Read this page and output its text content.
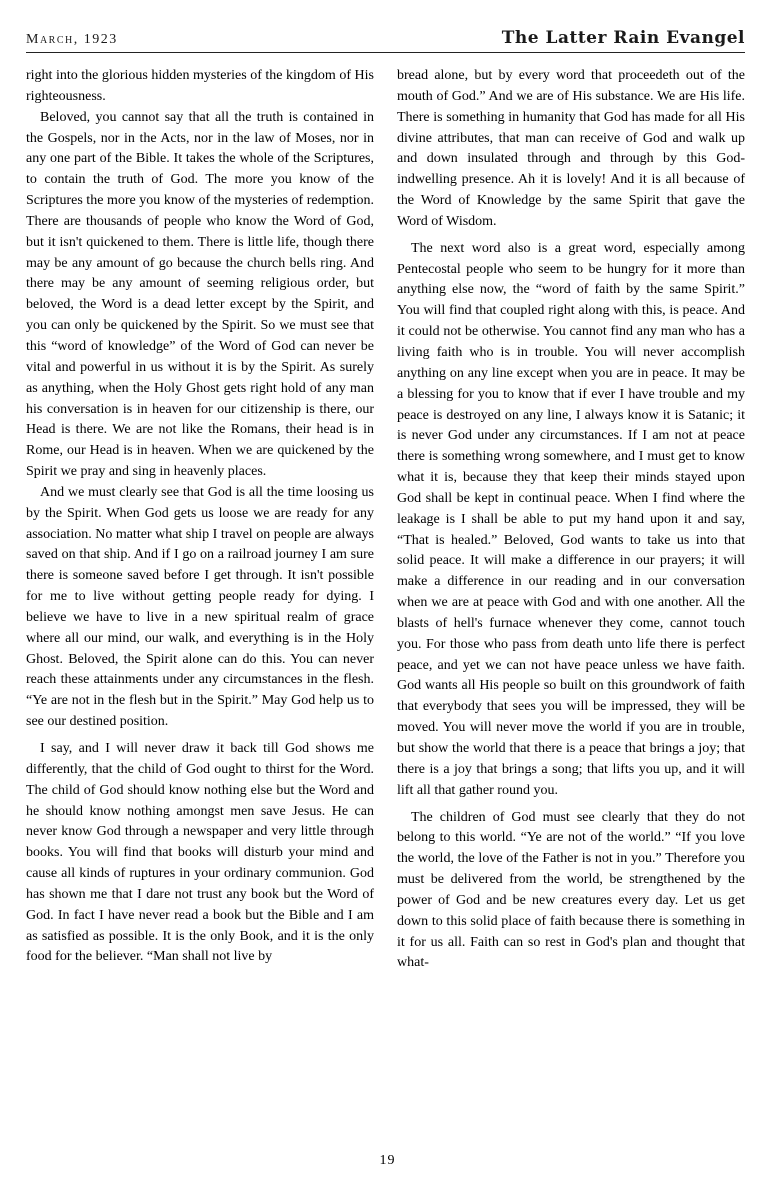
March, 1923	The Latter Rain Evangel

right into the glorious hidden mysteries of the kingdom of His righteousness.

Beloved, you cannot say that all the truth is contained in the Gospels, nor in the Acts, nor in the law of Moses, nor in any one part of the Bible. It takes the whole of the Scriptures, to contain the truth of God. The more you know of the Scriptures the more you know of the mysteries of redemption. There are thousands of people who know the Word of God, but it isn't quickened to them. There is little life, though there may be any amount of go because the church bells ring. And there may be any amount of seeming religious order, but beloved, the Word is a dead letter except by the Spirit, and you can only be quickened by the Spirit. So we must see that this “word of knowledge” of the Word of God can never be vital and powerful in us without it is by the Spirit. As surely as anything, when the Holy Ghost gets right hold of any man his conversation is in heaven for our citizenship is there, our Head is there. We are not like the Romans, their head is in Rome, our Head is in heaven. When we are quickened by the Spirit we pray and sing in heavenly places.

And we must clearly see that God is all the time loosing us by the Spirit. When God gets us loose we are ready for any association. No matter what ship I travel on people are always saved on that ship. And if I go on a railroad journey I am sure there is someone saved before I get through. It isn't possible for me to live without getting people ready for dying. I believe we have to live in a new spiritual realm of grace where all our mind, our walk, and everything is in the Holy Ghost. Beloved, the Spirit alone can do this. You can never reach these attainments under any circumstances in the flesh. “Ye are not in the flesh but in the Spirit.” May God help us to see our destined position.

I say, and I will never draw it back till God shows me differently, that the child of God ought to thirst for the Word. The child of God should know nothing else but the Word and he should know nothing amongst men save Jesus. He can never know God through a newspaper and very little through books. You will find that books will disturb your mind and cause all kinds of ruptures in your ordinary communion. God has shown me that I dare not trust any book but the Word of God. In fact I have never read a book but the Bible and I am as satisfied as possible. It is the only Book, and it is the only food for the believer. “Man shall not live by

bread alone, but by every word that proceedeth out of the mouth of God.” And we are of His substance. We are His life. There is something in humanity that God has made for all His divine attributes, that man can receive of God and walk up and down insulated through and through by this God-indwelling presence. Ah it is lovely! And it is all because of the Word of Knowledge by the same Spirit that gave the Word of Wisdom.

The next word also is a great word, especially among Pentecostal people who seem to be hungry for it more than anything else now, the “word of faith by the same Spirit.” You will find that coupled right along with this, is peace. And it could not be otherwise. You cannot find any man who has a living faith who is in trouble. You will never accomplish anything on any line except when you are in peace. It may be a blessing for you to know that if ever I have trouble and my peace is destroyed on any line, I always know it is Satanic; it is never God under any circumstances. If I am not at peace there is something wrong somewhere, and I must get to know what it is, because they that keep their minds stayed upon God shall be kept in continual peace. When I find where the leakage is I shall be able to put my hand upon it and say, “That is healed.” Beloved, God wants to take us into that solid peace. It will make a difference in our prayers; it will make a difference in our reading and in our conversation when we are at peace with God and with one another. All the blasts of hell's furnace whenever they come, cannot touch you. For those who pass from death unto life there is perfect peace, and yet we can not have peace unless we have faith. God wants all His people so built on this groundwork of faith that everybody that sees you will be impressed, they will be moved. You will never move the world if you are in trouble, but show the world that there is a peace that brings a joy; that there is a joy that brings a song; that lifts you up, and it will lift all that gather round you.

The children of God must see clearly that they do not belong to this world. “Ye are not of the world.” “If you love the world, the love of the Father is not in you.” Therefore you must be delivered from the world, be strengthened by the power of God and be new creatures every day. Let us get down to this solid place of faith because there is something in it for us all. Faith can so rest in God's plan and thought that what-

19
